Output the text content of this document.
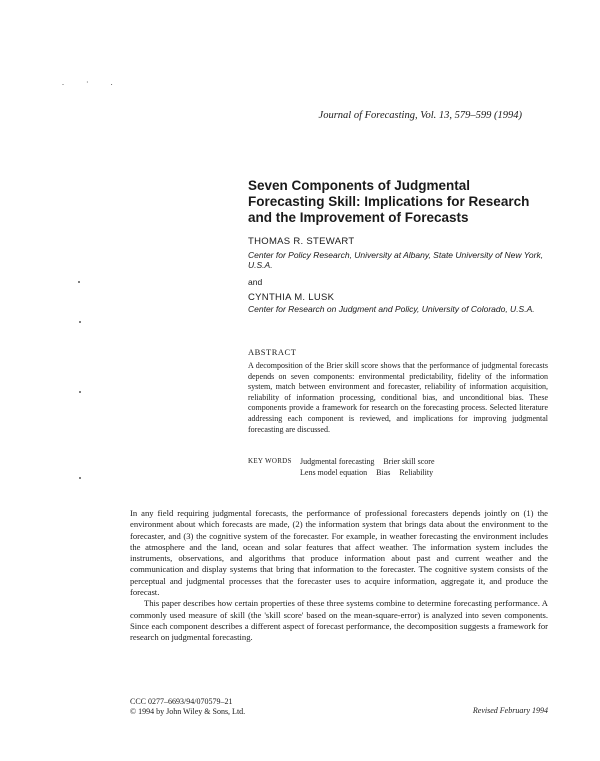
. · .
Journal of Forecasting, Vol. 13, 579–599 (1994)
Seven Components of Judgmental Forecasting Skill: Implications for Research and the Improvement of Forecasts
THOMAS R. STEWART
Center for Policy Research, University at Albany, State University of New York, U.S.A.
and
CYNTHIA M. LUSK
Center for Research on Judgment and Policy, University of Colorado, U.S.A.
ABSTRACT
A decomposition of the Brier skill score shows that the performance of judgmental forecasts depends on seven components: environmental predictability, fidelity of the information system, match between environment and forecaster, reliability of information acquisition, reliability of information processing, conditional bias, and unconditional bias. These components provide a framework for research on the forecasting process. Selected literature addressing each component is reviewed, and implications for improving judgmental forecasting are discussed.
KEY WORDS Judgmental forecasting Brier skill score
Lens model equation Bias Reliability

In any field requiring judgmental forecasts, the performance of professional forecasters depends jointly on (1) the environment about which forecasts are made, (2) the information system that brings data about the environment to the forecaster, and (3) the cognitive system of the forecaster. For example, in weather forecasting the environment includes the atmosphere and the land, ocean and solar features that affect weather. The information system includes the instruments, observations, and algorithms that produce information about past and current weather and the communication and display systems that bring that information to the forecaster. The cognitive system consists of the perceptual and judgmental processes that the forecaster uses to acquire information, aggregate it, and produce the forecast.

This paper describes how certain properties of these three systems combine to determine forecasting performance. A commonly used measure of skill (the 'skill score' based on the mean-square-error) is analyzed into seven components. Since each component describes a different aspect of forecast performance, the decomposition suggests a framework for research on judgmental forecasting.

CCC 0277–6693/94/070579–21
© 1994 by John Wiley & Sons, Ltd.	Revised February 1994
